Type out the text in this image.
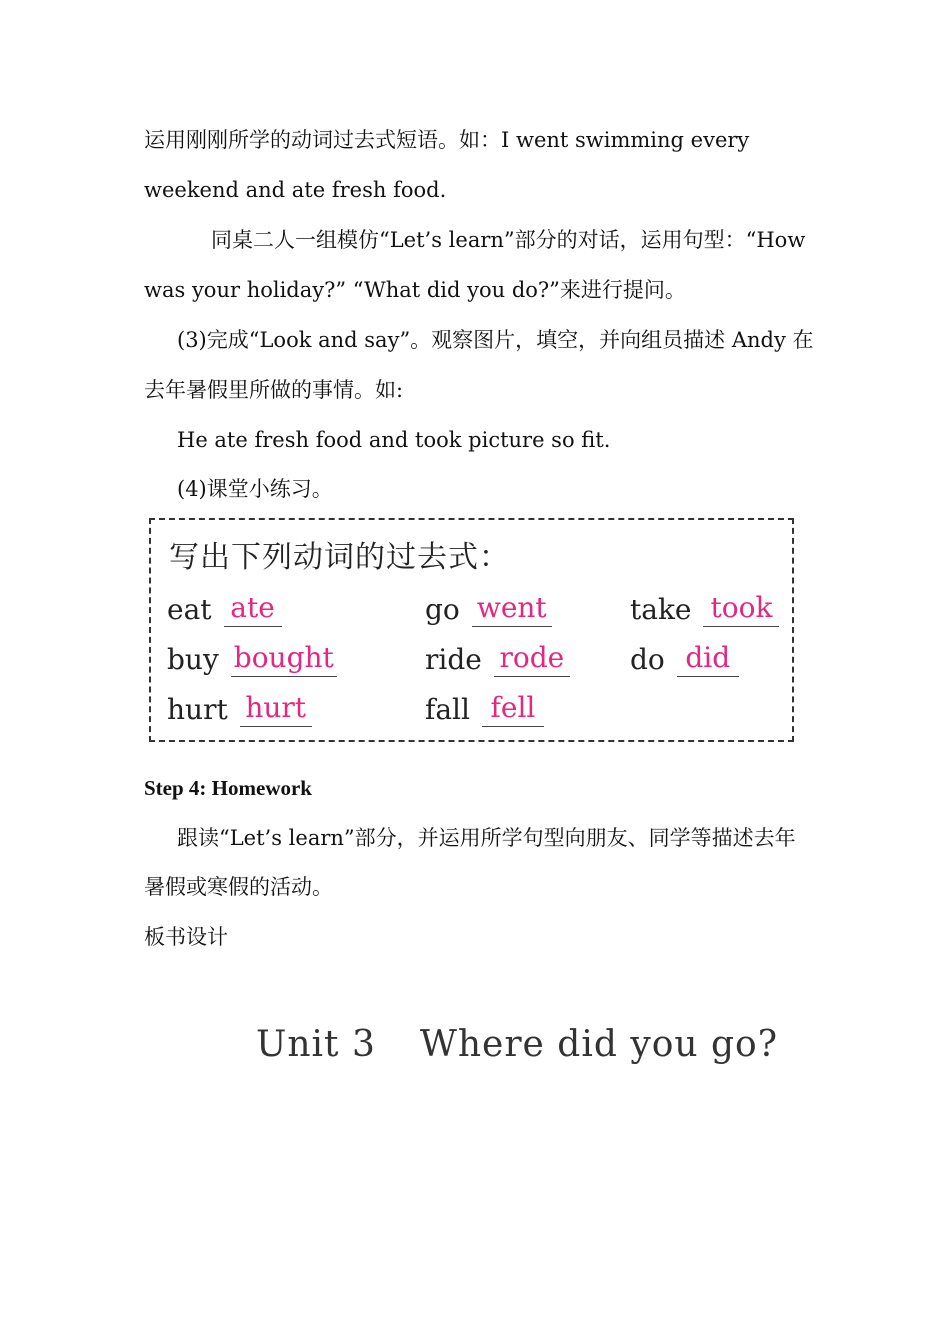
运用刚刚所学的动词过去式短语。如：I went swimming every
weekend and ate fresh food.
同桌二人一组模仿“Let’s learn”部分的对话，运用句型：“How
was your holiday?” “What did you do?”来进行提问。
(3)完成“Look and say”。观察图片，填空，并向组员描述 Andy 在
去年暑假里所做的事情。如:
He ate fresh food and took picture so fit.
(4)课堂小练习。
写出下列动词的过去式：
eat ate	go went	take took
buy bought	ride rode do did
hurt hurt	fall fell
Step 4: Homework
跟读“Let’s learn”部分，并运用所学句型向朋友、同学等描述去年
暑假或寒假的活动。
板书设计
Unit 3 Where did you go?
